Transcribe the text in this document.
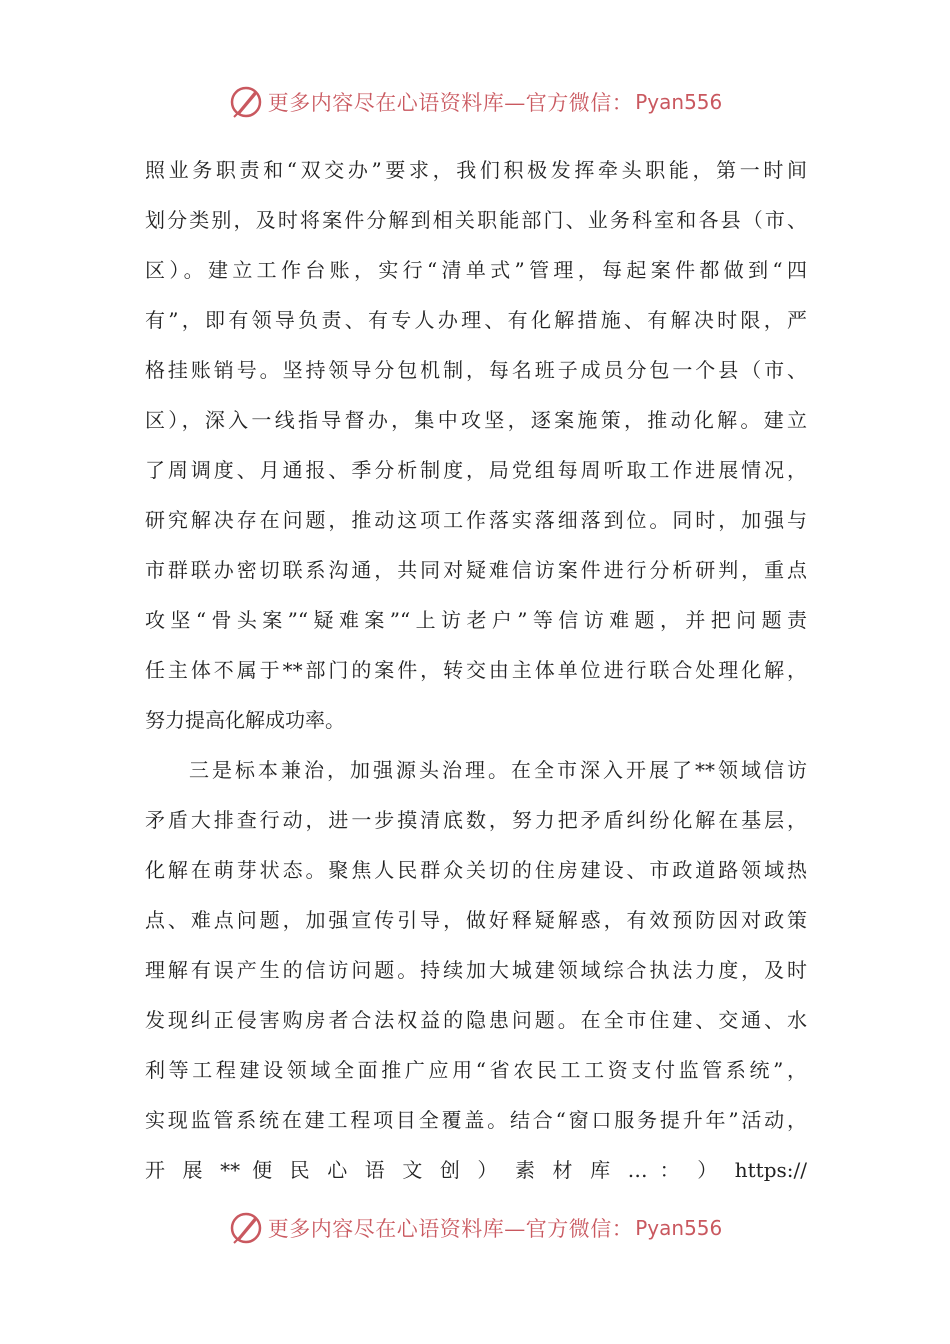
更多内容尽在心语资料库—官方微信： Pyan556
照业务职责和“双交办”要求，我们积极发挥牵头职能，第一时间
划分类别，及时将案件分解到相关职能部门、业务科室和各县（市、
区）。建立工作台账，实行“清单式”管理，每起案件都做到“四
有”，即有领导负责、有专人办理、有化解措施、有解决时限，严
格挂账销号。坚持领导分包机制，每名班子成员分包一个县（市、
区），深入一线指导督办，集中攻坚，逐案施策，推动化解。建立
了周调度、月通报、季分析制度，局党组每周听取工作进展情况，
研究解决存在问题，推动这项工作落实落细落到位。同时，加强与
市群联办密切联系沟通，共同对疑难信访案件进行分析研判，重点
攻坚“骨头案”“疑难案”“上访老户”等信访难题，并把问题责
任主体不属于**部门的案件，转交由主体单位进行联合处理化解，
努力提高化解成功率。
三是标本兼治，加强源头治理。在全市深入开展了**领域信访
矛盾大排查行动，进一步摸清底数，努力把矛盾纠纷化解在基层，
化解在萌芽状态。聚焦人民群众关切的住房建设、市政道路领域热
点、难点问题，加强宣传引导，做好释疑解惑，有效预防因对政策
理解有误产生的信访问题。持续加大城建领域综合执法力度，及时
发现纠正侵害购房者合法权益的隐患问题。在全市住建、交通、水
利等工程建设领域全面推广应用“省农民工工资支付监管系统”，
实现监管系统在建工程项目全覆盖。结合“窗口服务提升年”活动，
开 展 ** 便 民 心 语 文 创 ） 素 材 库 … ： ） https://
更多内容尽在心语资料库—官方微信： Pyan556
